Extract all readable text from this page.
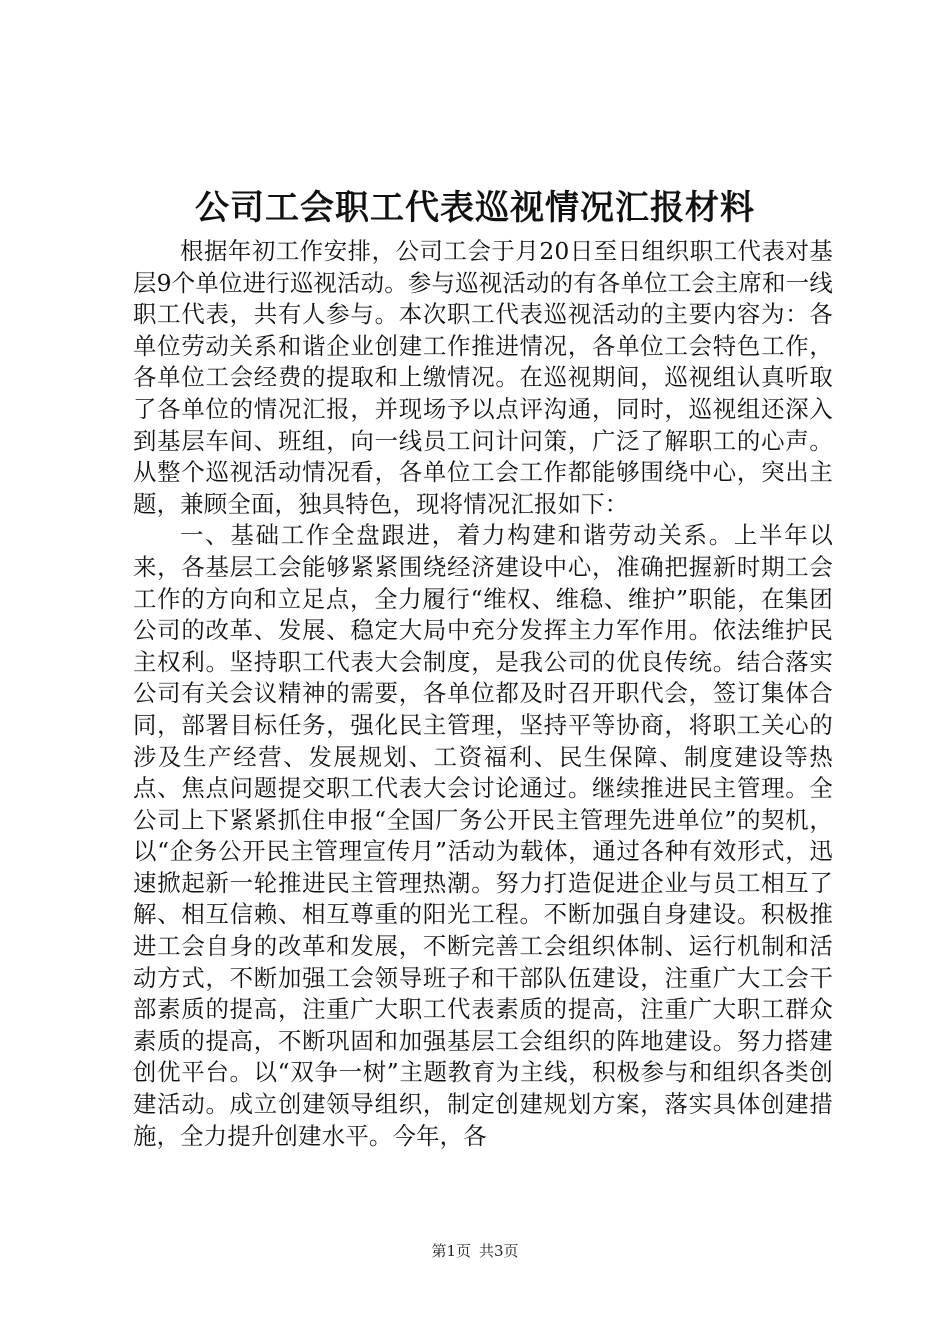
公司工会职工代表巡视情况汇报材料

根据年初工作安排，公司工会于月20日至日组织职工代表对基层9个单位进行巡视活动。参与巡视活动的有各单位工会主席和一线职工代表，共有人参与。本次职工代表巡视活动的主要内容为：各单位劳动关系和谐企业创建工作推进情况，各单位工会特色工作，各单位工会经费的提取和上缴情况。在巡视期间，巡视组认真听取了各单位的情况汇报，并现场予以点评沟通，同时，巡视组还深入到基层车间、班组，向一线员工问计问策，广泛了解职工的心声。从整个巡视活动情况看，各单位工会工作都能够围绕中心，突出主题，兼顾全面，独具特色，现将情况汇报如下：

一、基础工作全盘跟进，着力构建和谐劳动关系。上半年以来，各基层工会能够紧紧围绕经济建设中心，准确把握新时期工会工作的方向和立足点，全力履行“维权、维稳、维护”职能，在集团公司的改革、发展、稳定大局中充分发挥主力军作用。依法维护民主权利。坚持职工代表大会制度，是我公司的优良传统。结合落实公司有关会议精神的需要，各单位都及时召开职代会，签订集体合同，部署目标任务，强化民主管理，坚持平等协商，将职工关心的涉及生产经营、发展规划、工资福利、民生保障、制度建设等热点、焦点问题提交职工代表大会讨论通过。继续推进民主管理。全公司上下紧紧抓住申报“全国厂务公开民主管理先进单位”的契机，以“企务公开民主管理宣传月”活动为载体，通过各种有效形式，迅速掀起新一轮推进民主管理热潮。努力打造促进企业与员工相互了解、相互信赖、相互尊重的阳光工程。不断加强自身建设。积极推进工会自身的改革和发展，不断完善工会组织体制、运行机制和活动方式，不断加强工会领导班子和干部队伍建设，注重广大工会干部素质的提高，注重广大职工代表素质的提高，注重广大职工群众素质的提高，不断巩固和加强基层工会组织的阵地建设。努力搭建创优平台。以“双争一树”主题教育为主线，积极参与和组织各类创建活动。成立创建领导组织，制定创建规划方案，落实具体创建措施，全力提升创建水平。今年，各

第1页 共3页
